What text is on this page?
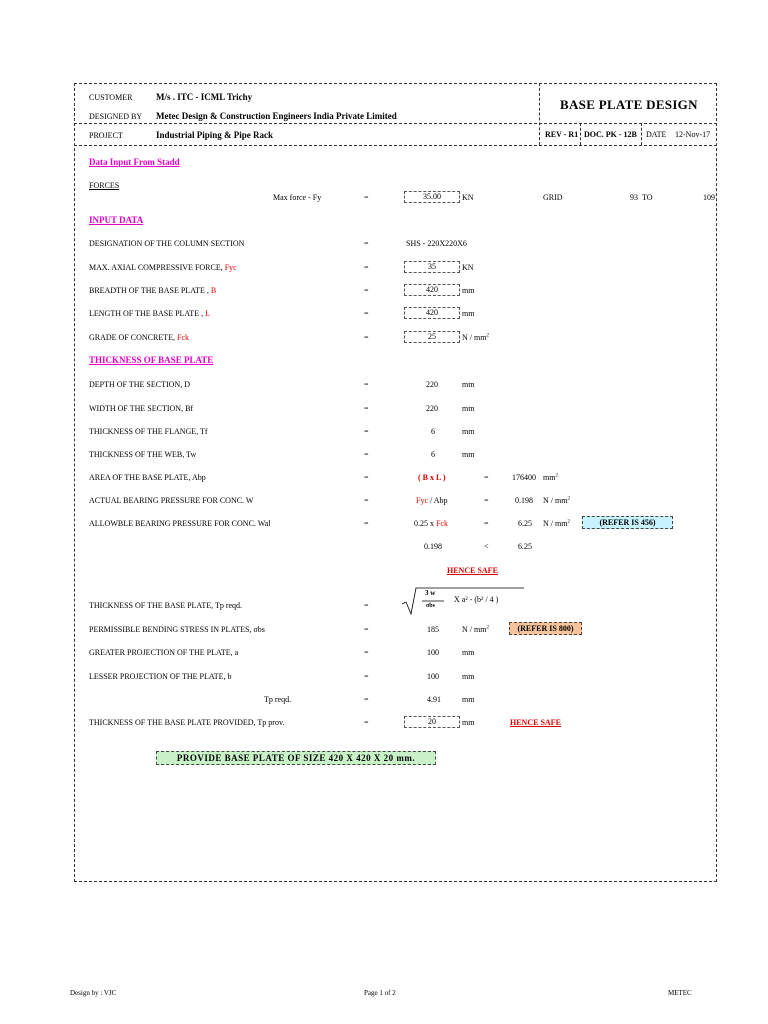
CUSTOMER	M/s . ITC - ICML Trichy
DESIGNED BY Metec Design & Construction Engineers India Private Limited
PROJECT	Industrial Piping & Pipe Rack
BASE PLATE DESIGN
REV - R1 DOC. PK - 12B DATE 12-Nov-17
Data Input From Stadd
FORCES
Max force - Fy	=	35.00	KN	GRID	93 TO	109
INPUT DATA
DESIGNATION OF THE COLUMN SECTION	=	SHS - 220X220X6
MAX. AXIAL COMPRESSIVE FORCE, Fyc	=	35	KN
BREADTH OF THE BASE PLATE , B	=	420	mm
LENGTH OF THE BASE PLATE , L	=	420	mm
GRADE OF CONCRETE, Fck	=	25	N / $mm^2$
THICKNESS OF BASE PLATE
DEPTH OF THE SECTION, D	=	220	mm
WIDTH OF THE SECTION, Bf	=	220	mm
THICKNESS OF THE FLANGE, Tf	=	6	mm
THICKNESS OF THE WEB, Tw	=	6	mm
AREA OF THE BASE PLATE, Abp	=	( B x L )	=	176400 $mm^2$
ACTUAL BEARING PRESSURE FOR CONC. W	=	Fyc / Abp	=	0.198 N / $mm^2$
ALLOWBLE BEARING PRESSURE FOR CONC. Wal	=	0.25 x Fck	=	6.25 N / $mm^2$	(REFER IS 456)
0.198	<	6.25
HENCE SAFE
THICKNESS OF THE BASE PLATE, Tp reqd.	=
3 w
σbs
X a² - (b² / 4 )
PERMISSIBLE BENDING STRESS IN PLATES, σbs	=	185	N / $mm^2$	(REFER IS 800)
GREATER PROJECTION OF THE PLATE, a	=	100	mm
LESSER PROJECTION OF THE PLATE, b	=	100	mm
Tp reqd.	=	4.91	mm
THICKNESS OF THE BASE PLATE PROVIDED, Tp prov.	=	20	mm	HENCE SAFE
PROVIDE BASE PLATE OF SIZE 420 X 420 X 20 mm.
Design by : VJC	Page 1 of 2	METEC
